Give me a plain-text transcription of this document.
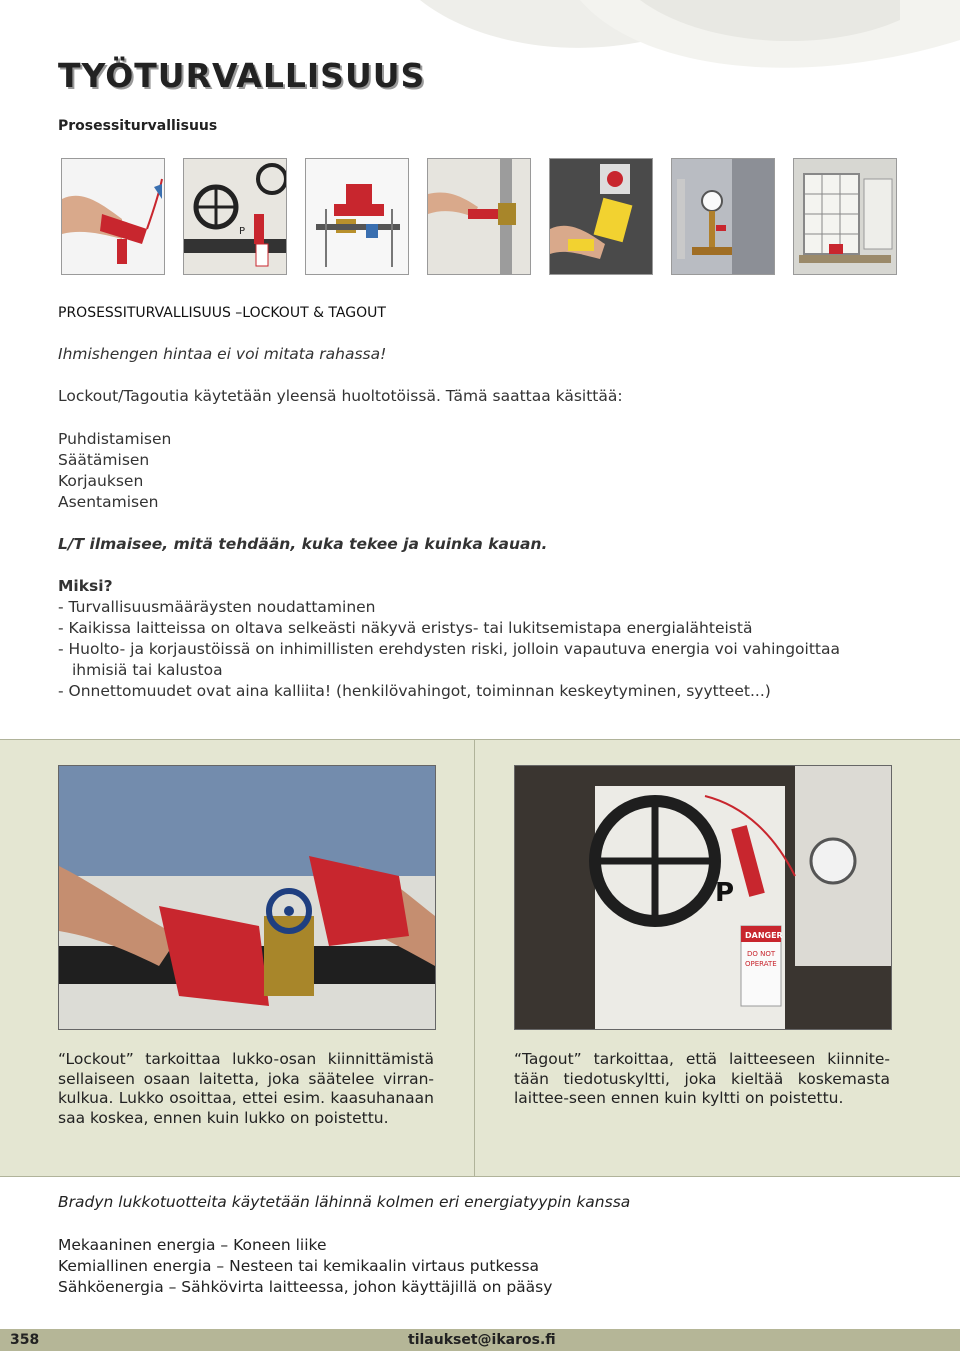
TYÖTURVALLISUUS
Prosessiturvallisuus
P
PROSESSITURVALLISUUS –LOCKOUT & TAGOUT
Ihmishengen hintaa ei voi mitata rahassa!
Lockout/Tagoutia käytetään yleensä huoltotöissä. Tämä saattaa käsittää:
Puhdistamisen
Säätämisen
Korjauksen
Asentamisen
L/T ilmaisee, mitä tehdään, kuka tekee ja kuinka kauan.
Miksi?
- Turvallisuusmääräysten noudattaminen
- Kaikissa laitteissa on oltava selkeästi näkyvä eristys- tai lukitsemistapa energialähteistä
- Huolto- ja korjaustöissä on inhimillisten erehdysten riski, jolloin vapautuva energia voi vahingoittaa
ihmisiä tai kalustoa
- Onnettomuudet ovat aina kalliita! (henkilövahingot, toiminnan keskeytyminen, syytteet...)
P
DANGER
DO NOT
OPERATE
“Lockout” tarkoittaa lukko-osan kiinnittämistä sellaiseen osaan laitetta, joka säätelee virran-kulkua. Lukko osoittaa, ettei esim. kaasuhanaan saa koskea, ennen kuin lukko on poistettu.
“Tagout” tarkoittaa, että laitteeseen kiinnite-tään tiedotuskyltti, joka kieltää koskemasta laittee-seen ennen kuin kyltti on poistettu.
Bradyn lukkotuotteita käytetään lähinnä kolmen eri energiatyypin kanssa
Mekaaninen energia – Koneen liike
Kemiallinen energia – Nesteen tai kemikaalin virtaus putkessa
Sähköenergia – Sähkövirta laitteessa, johon käyttäjillä on pääsy
358	tilaukset@ikaros.fi
